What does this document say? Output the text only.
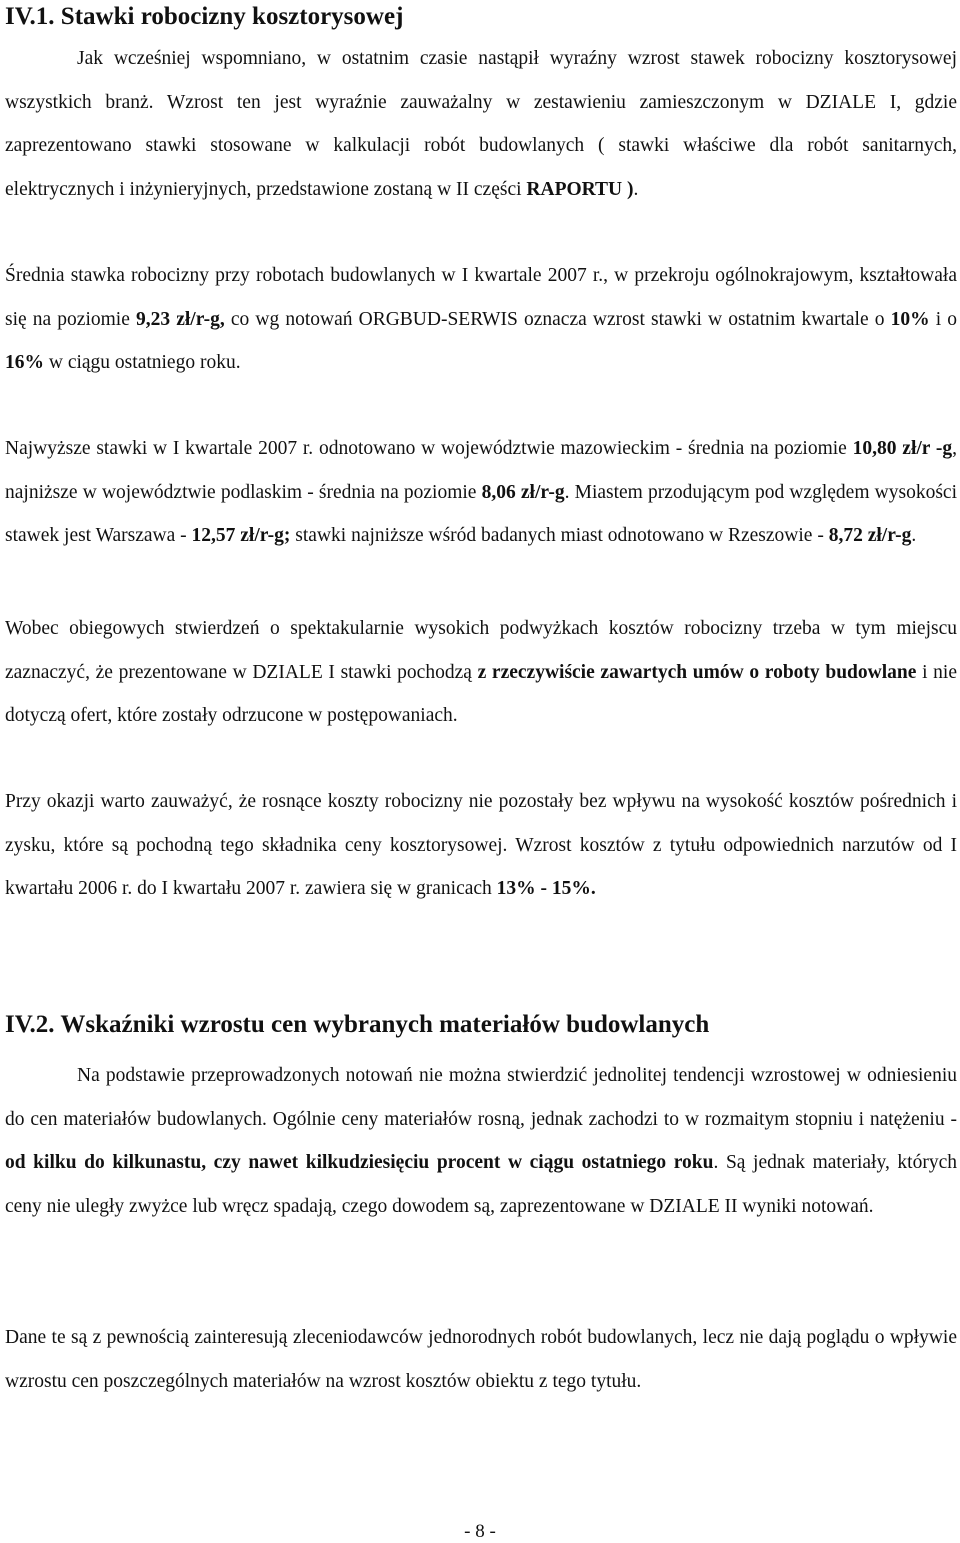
IV.1. Stawki robocizny kosztorysowej

Jak wcześniej wspomniano, w ostatnim czasie nastąpił wyraźny wzrost stawek robocizny kosztorysowej wszystkich branż. Wzrost ten jest wyraźnie zauważalny w zestawieniu zamieszczonym w DZIALE I, gdzie zaprezentowano stawki stosowane w kalkulacji robót budowlanych ( stawki właściwe dla robót sanitarnych, elektrycznych i inżynieryjnych, przedstawione zostaną w II części RAPORTU ).

Średnia stawka robocizny przy robotach budowlanych w I kwartale 2007 r., w przekroju ogólnokrajowym, kształtowała się na poziomie 9,23 zł/r-g, co wg notowań ORGBUD-SERWIS oznacza wzrost stawki w ostatnim kwartale o 10% i o 16% w ciągu ostatniego roku.

Najwyższe stawki w I kwartale 2007 r. odnotowano w województwie mazowieckim - średnia na poziomie 10,80 zł/r -g, najniższe w województwie podlaskim - średnia na poziomie 8,06 zł/r-g. Miastem przodującym pod względem wysokości stawek jest Warszawa - 12,57 zł/r-g; stawki najniższe wśród badanych miast odnotowano w Rzeszowie - 8,72 zł/r-g.

Wobec obiegowych stwierdzeń o spektakularnie wysokich podwyżkach kosztów robocizny trzeba w tym miejscu zaznaczyć, że prezentowane w DZIALE I stawki pochodzą z rzeczywiście zawartych umów o roboty budowlane i nie dotyczą ofert, które zostały odrzucone w postępowaniach.

Przy okazji warto zauważyć, że rosnące koszty robocizny nie pozostały bez wpływu na wysokość kosztów pośrednich i zysku, które są pochodną tego składnika ceny kosztorysowej. Wzrost kosztów z tytułu odpowiednich narzutów od I kwartału 2006 r. do I kwartału 2007 r. zawiera się w granicach 13% - 15%.

IV.2. Wskaźniki wzrostu cen wybranych materiałów budowlanych

Na podstawie przeprowadzonych notowań nie można stwierdzić jednolitej tendencji wzrostowej w odniesieniu do cen materiałów budowlanych. Ogólnie ceny materiałów rosną, jednak zachodzi to w rozmaitym stopniu i natężeniu - od kilku do kilkunastu, czy nawet kilkudziesięciu procent w ciągu ostatniego roku. Są jednak materiały, których ceny nie uległy zwyżce lub wręcz spadają, czego dowodem są, zaprezentowane w DZIALE II wyniki notowań.

Dane te są z pewnością zainteresują zleceniodawców jednorodnych robót budowlanych, lecz nie dają poglądu o wpływie wzrostu cen poszczególnych materiałów na wzrost kosztów obiektu z tego tytułu.

- 8 -
